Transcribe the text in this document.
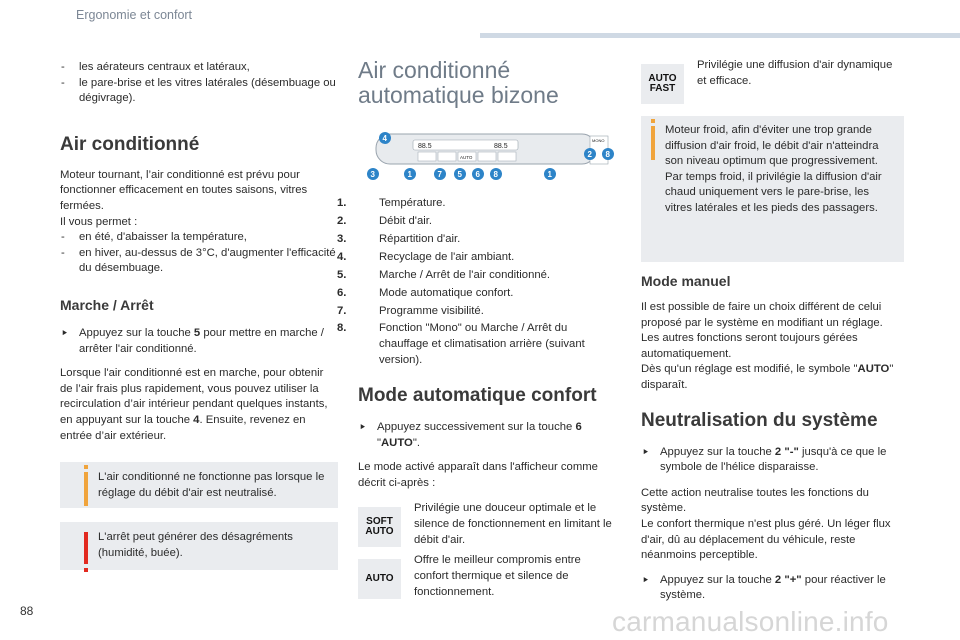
Ergonomie et confort
- les aérateurs centraux et latéraux,
- le pare-brise et les vitres latérales (désembuage ou dégivrage).
Air conditionné

Moteur tournant, l’air conditionné est prévu pour fonctionner efficacement en toutes saisons, vitres fermées.

Il vous permet :

- en été, d'abaisser la température,
- en hiver, au-dessus de 3°C, d'augmenter l'efficacité du désembuage.
Marche / Arrêt
⯈ Appuyez sur la touche 5 pour mettre en marche / arrêter l'air conditionné.

Lorsque l'air conditionné est en marche, pour obtenir de l’air frais plus rapidement, vous pouvez utiliser la recirculation d’air intérieur pendant quelques instants, en appuyant sur la touche 4. Ensuite, revenez en entrée d’air extérieur.

L'air conditionné ne fonctionne pas lorsque le réglage du débit d'air est neutralisé.
L'arrêt peut générer des désagréments (humidité, buée).
Air conditionné
automatique bizone
88.5	88.5
AUTO
MONO
4
3	1	7 5 6 8	1
2 8
1.	Température.
2.	Débit d'air.
3.	Répartition d'air.
4.	Recyclage de l'air ambiant.
5.	Marche / Arrêt de l'air conditionné.
6.	Mode automatique confort.
7.	Programme visibilité.
8.	Fonction "Mono" ou Marche / Arrêt du chauffage et climatisation arrière (suivant version).
Mode automatique confort
⯈ Appuyez successivement sur la touche 6 "AUTO".

Le mode activé apparaît dans l'afficheur comme décrit ci-après :

SOFT
AUTO
Privilégie une douceur optimale et le silence de fonctionnement en limitant le débit d'air.
AUTO
Offre le meilleur compromis entre confort thermique et silence de fonctionnement.
AUTO
FAST
Privilégie une diffusion d'air dynamique et efficace.
Moteur froid, afin d'éviter une trop grande diffusion d'air froid, le débit d'air n'atteindra son niveau optimum que progressivement.
Par temps froid, il privilégie la diffusion d'air chaud uniquement vers le pare-brise, les vitres latérales et les pieds des passagers.
Mode manuel

Il est possible de faire un choix différent de celui proposé par le système en modifiant un réglage. Les autres fonctions seront toujours gérées automatiquement.

Dès qu'un réglage est modifié, le symbole "AUTO" disparaît.

Neutralisation du système
⯈ Appuyez sur la touche 2 "-" jusqu'à ce que le symbole de l'hélice disparaisse.

Cette action neutralise toutes les fonctions du système.

Le confort thermique n'est plus géré. Un léger flux d'air, dû au déplacement du véhicule, reste néanmoins perceptible.

⯈ Appuyez sur la touche 2 "+" pour réactiver le système.
88	carmanualsonline.info
